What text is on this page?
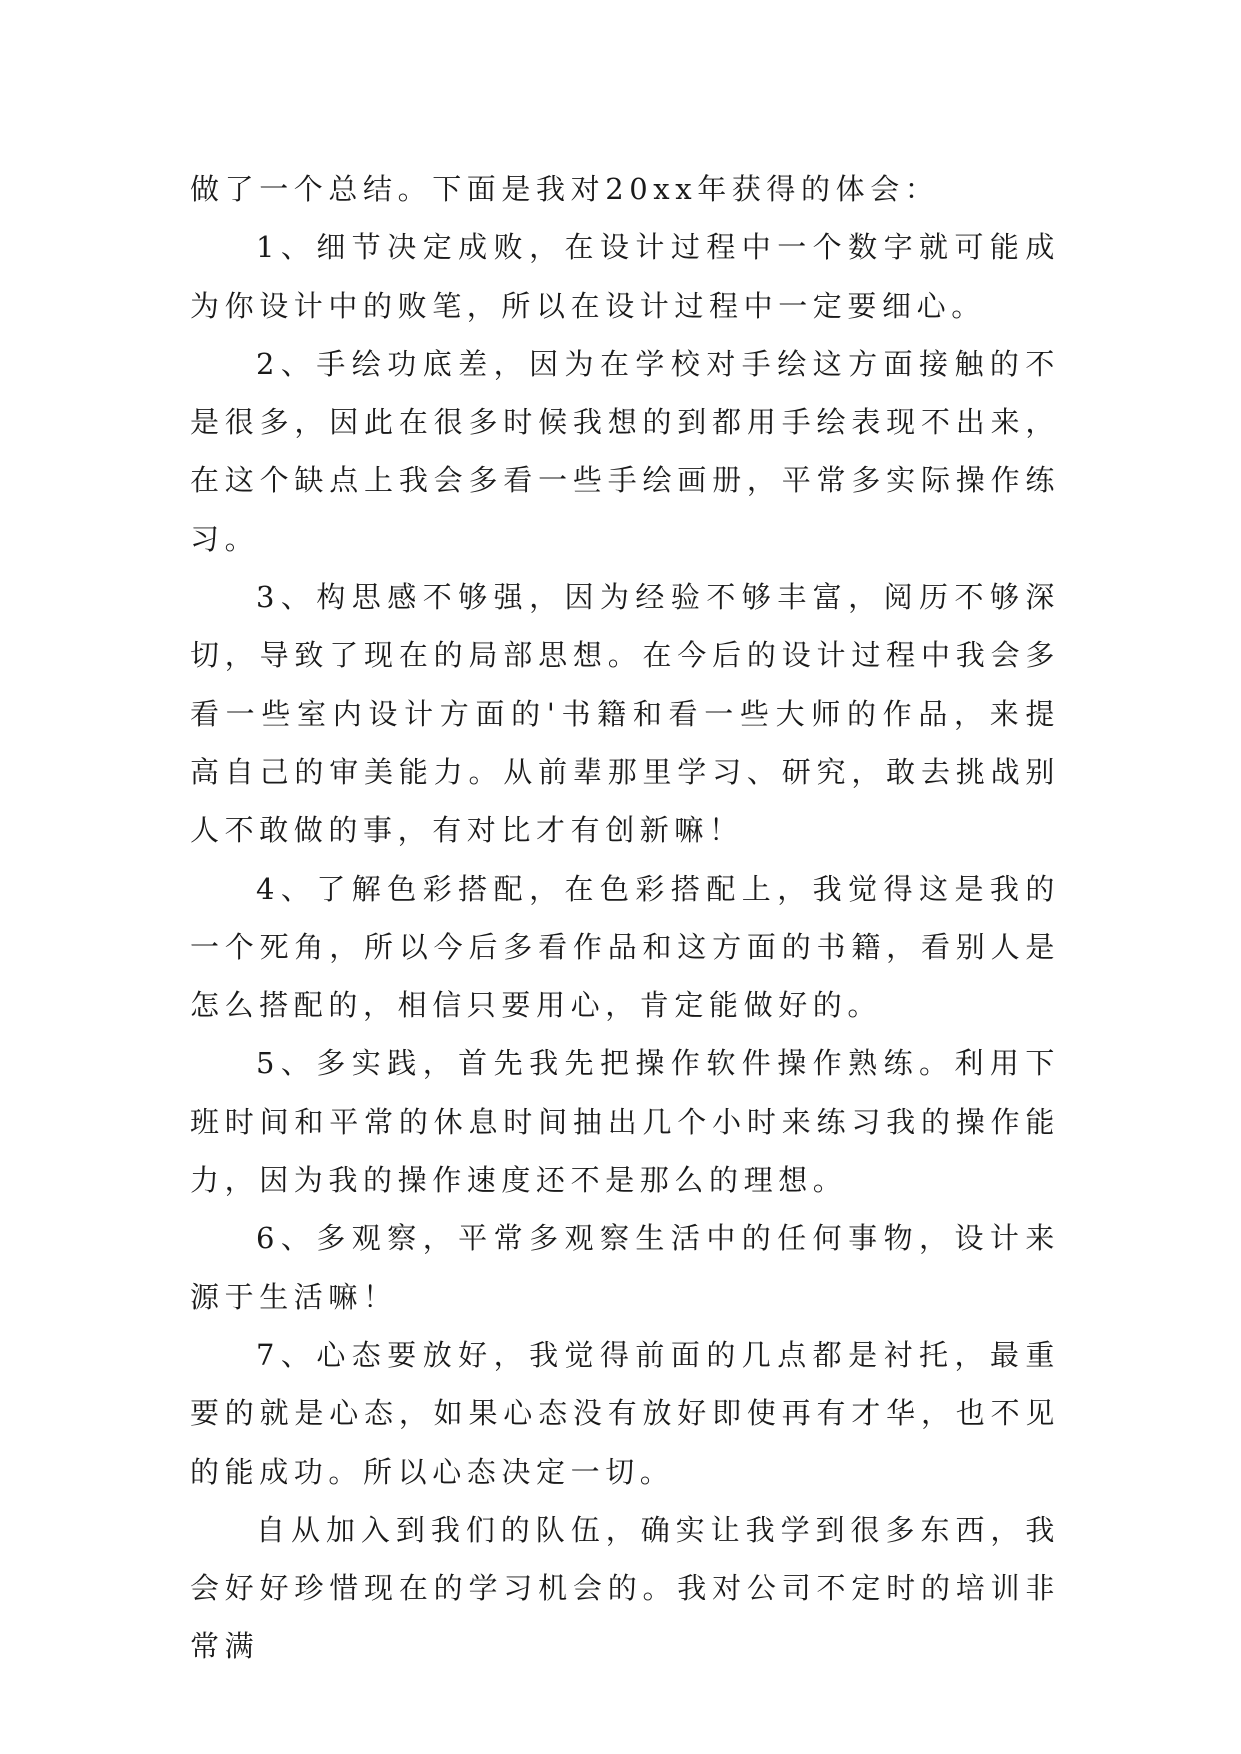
做了一个总结。下面是我对20xx年获得的体会：

1、细节决定成败，在设计过程中一个数字就可能成为你设计中的败笔，所以在设计过程中一定要细心。

2、手绘功底差，因为在学校对手绘这方面接触的不是很多，因此在很多时候我想的到都用手绘表现不出来，在这个缺点上我会多看一些手绘画册，平常多实际操作练习。

3、构思感不够强，因为经验不够丰富，阅历不够深切，导致了现在的局部思想。在今后的设计过程中我会多看一些室内设计方面的'书籍和看一些大师的作品，来提高自己的审美能力。从前辈那里学习、研究，敢去挑战别人不敢做的事，有对比才有创新嘛！

4、了解色彩搭配，在色彩搭配上，我觉得这是我的一个死角，所以今后多看作品和这方面的书籍，看别人是怎么搭配的，相信只要用心，肯定能做好的。

5、多实践，首先我先把操作软件操作熟练。利用下班时间和平常的休息时间抽出几个小时来练习我的操作能力，因为我的操作速度还不是那么的理想。

6、多观察，平常多观察生活中的任何事物，设计来源于生活嘛！

7、心态要放好，我觉得前面的几点都是衬托，最重要的就是心态，如果心态没有放好即使再有才华，也不见的能成功。所以心态决定一切。

自从加入到我们的队伍，确实让我学到很多东西，我会好好珍惜现在的学习机会的。我对公司不定时的培训非常满
